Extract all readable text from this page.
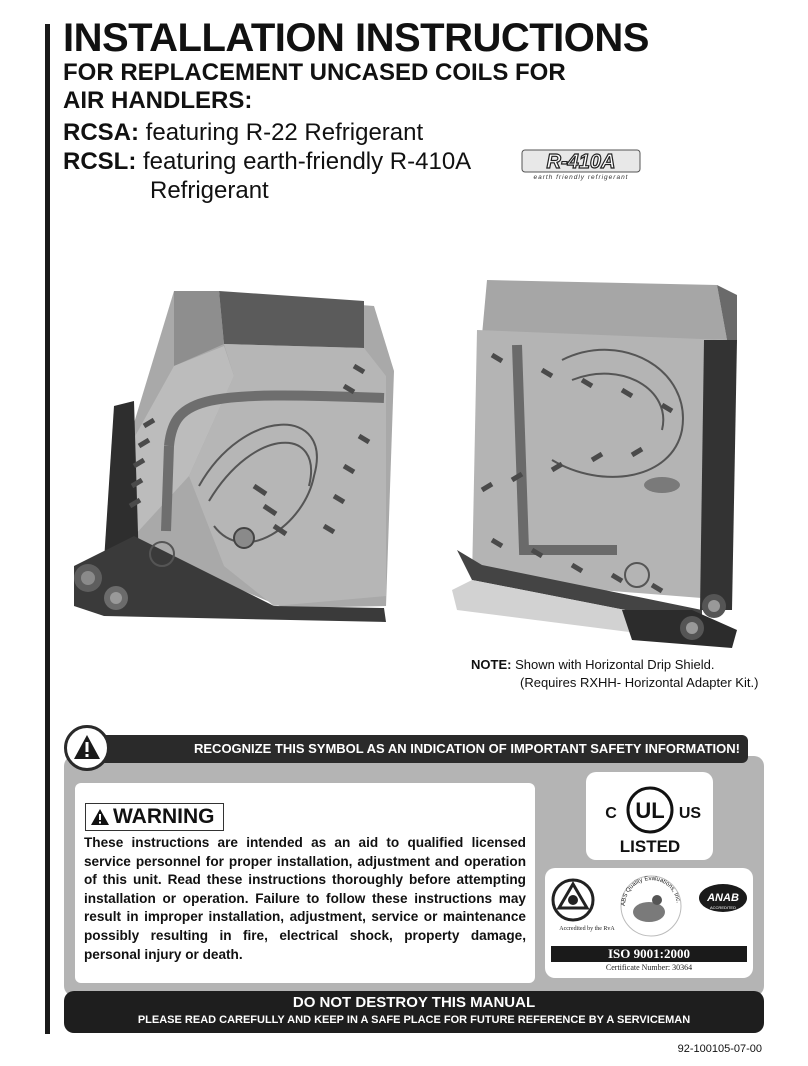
INSTALLATION INSTRUCTIONS
FOR REPLACEMENT UNCASED COILS FOR
AIR HANDLERS:
RCSA: featuring R-22 Refrigerant
RCSL: featuring earth-friendly R-410A
Refrigerant
R-410A
earth friendly refrigerant
NOTE: Shown with Horizontal Drip Shield.
(Requires RXHH- Horizontal Adapter Kit.)
RECOGNIZE THIS SYMBOL AS AN INDICATION OF IMPORTANT SAFETY INFORMATION!
WARNING
These instructions are intended as an aid to qualified licensed service personnel for proper installation, adjustment and operation of this unit. Read these instructions thoroughly before attempting installation or operation. Failure to follow these instructions may result in improper installation, adjustment, service or maintenance possibly resulting in fire, electrical shock, property damage, personal injury or death.
UL
C	US
LISTED
ABS Quality Evaluations, Inc. ANAB
ACCREDITED
Accredited by the RvA
ISO 9001:2000
Certificate Number: 30364
DO NOT DESTROY THIS MANUAL
PLEASE READ CAREFULLY AND KEEP IN A SAFE PLACE FOR FUTURE REFERENCE BY A SERVICEMAN
92-100105-07-00
